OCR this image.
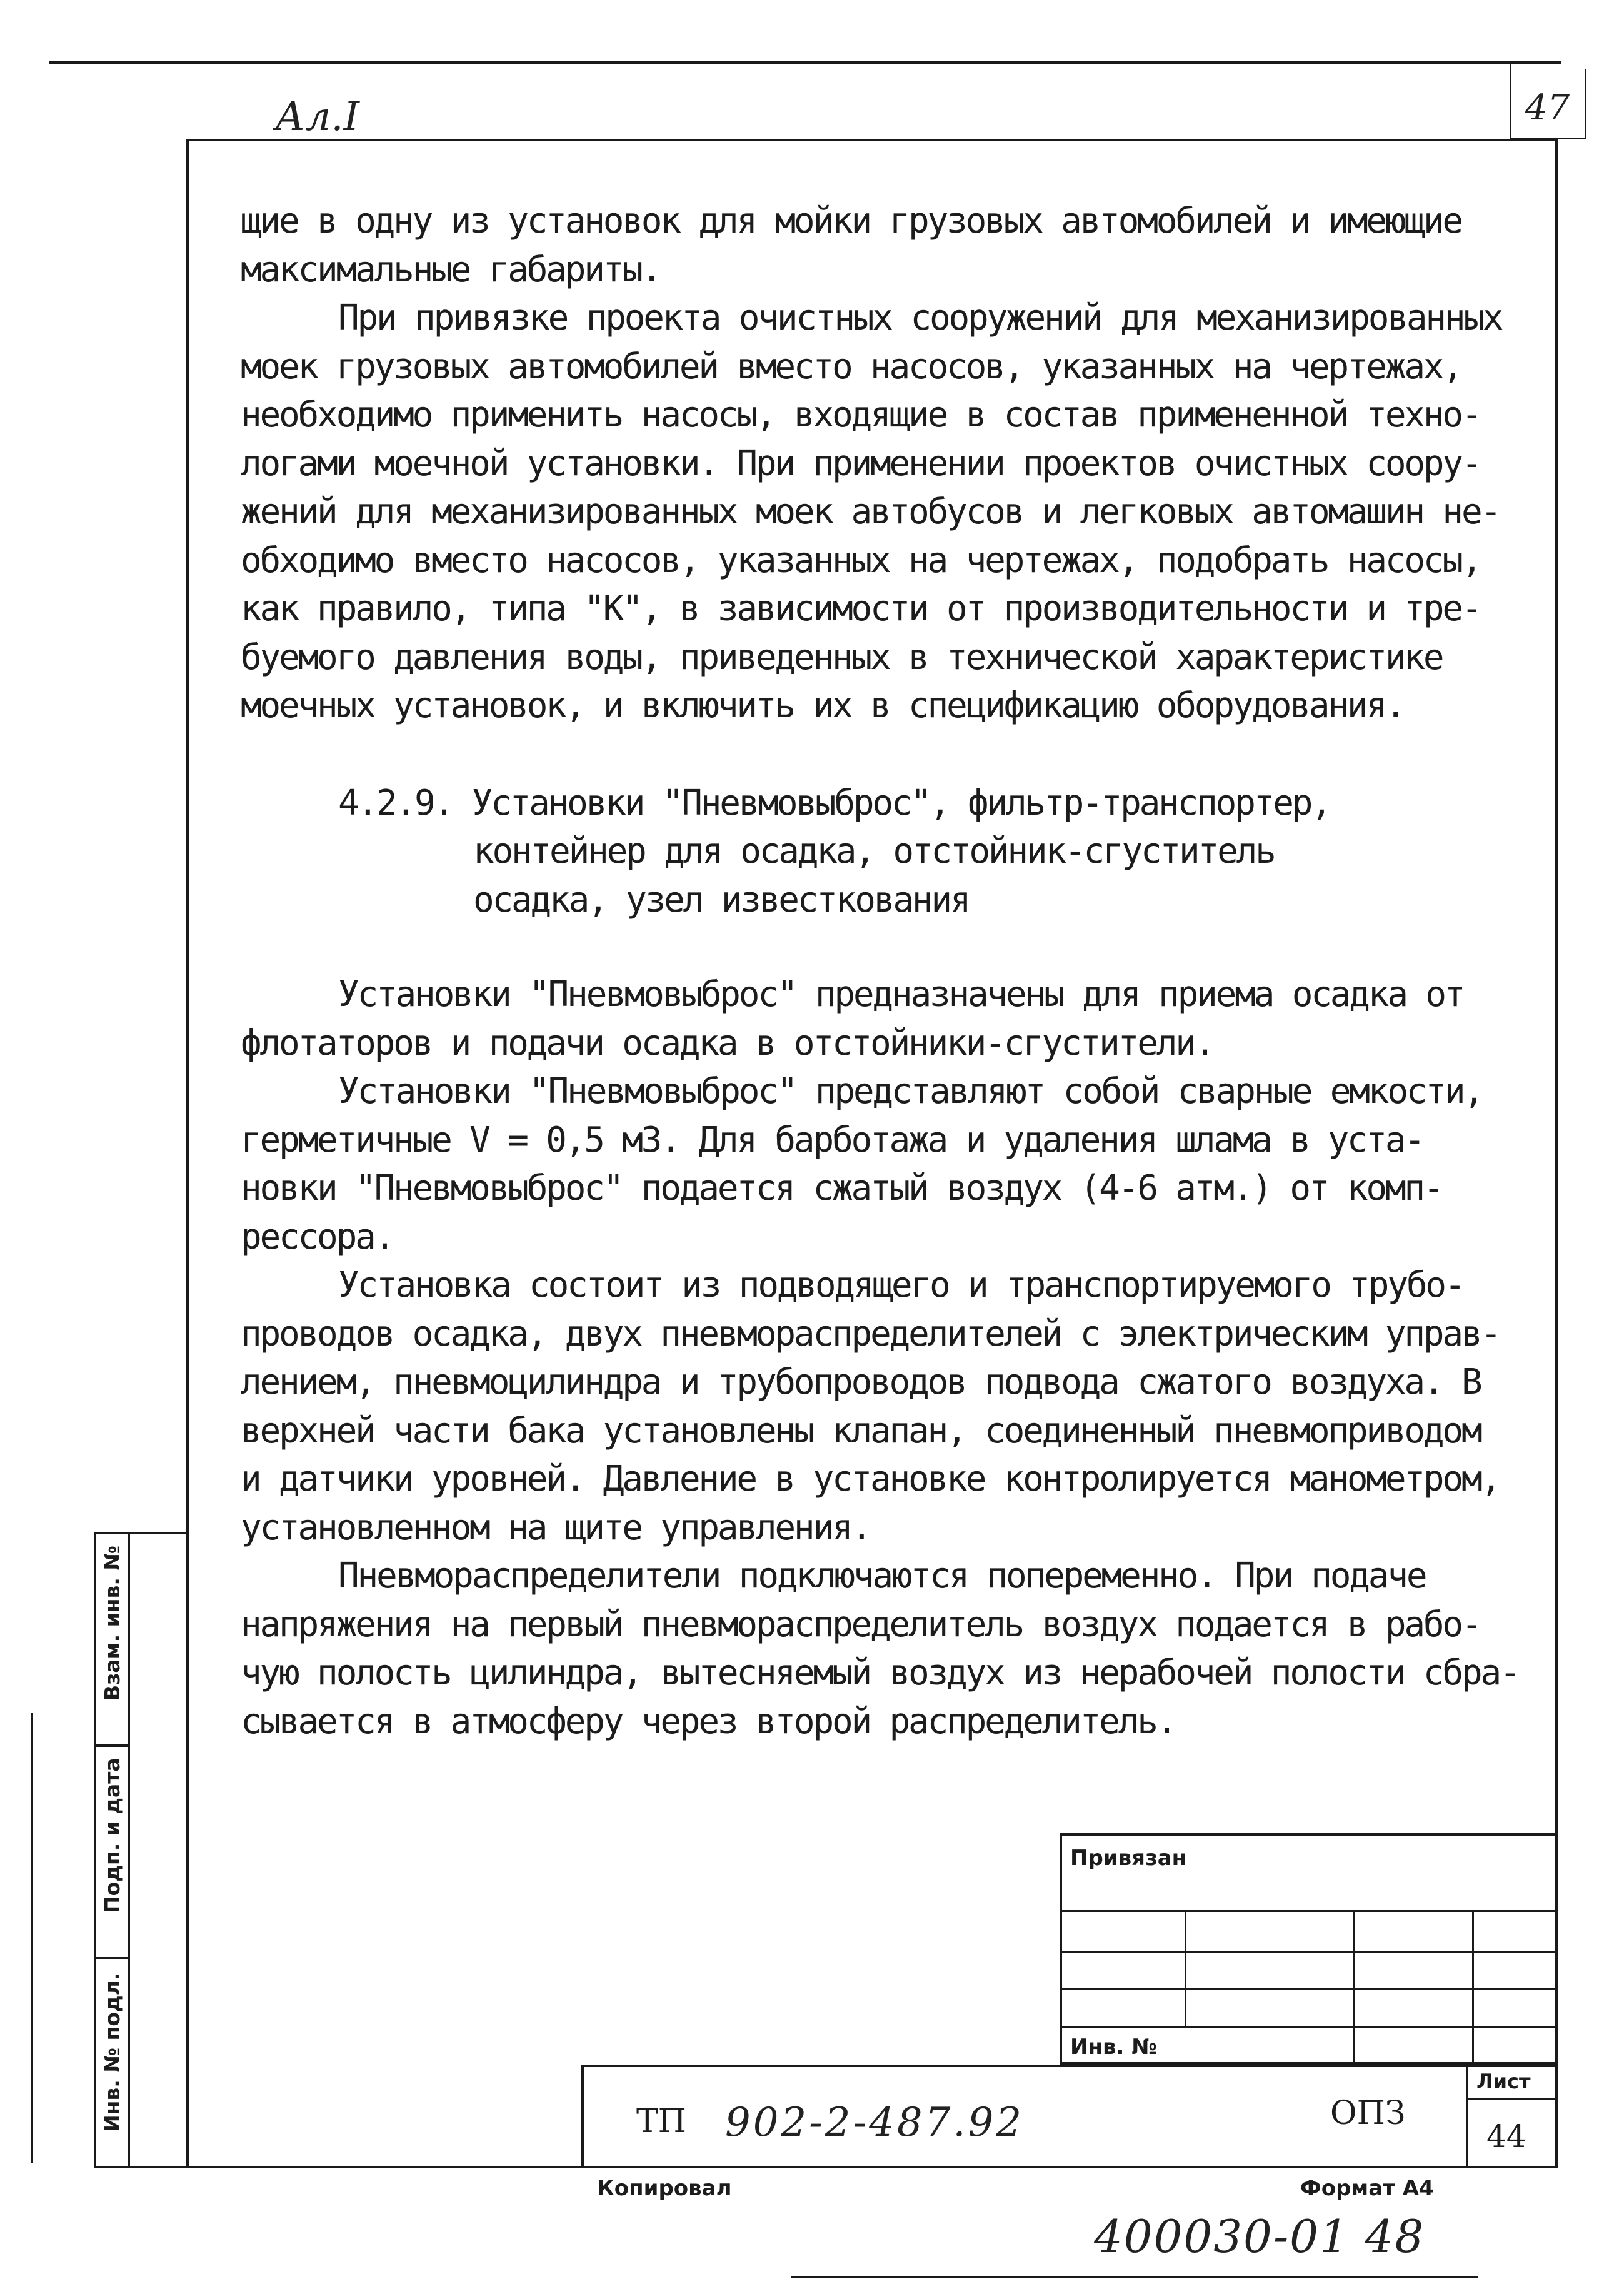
Ал.I	47

щие в одну из установок для мойки грузовых автомобилей и имеющие

максимальные габариты.

При привязке проекта очистных сооружений для механизированных

моек грузовых автомобилей вместо насосов, указанных на чертежах,

необходимо применить насосы, входящие в состав примененной техно-

логами моечной установки. При применении проектов очистных соору-

жений для механизированных моек автобусов и легковых автомашин не-

обходимо вместо насосов, указанных на чертежах, подобрать насосы,

как правило, типа "К", в зависимости от производительности и тре-

буемого давления воды, приведенных в технической характеристике

моечных установок, и включить их в спецификацию оборудования.

4.2.9. Установки "Пневмовыброс", фильтр-транспортер,

контейнер для осадка, отстойник-сгуститель

осадка, узел известкования

Установки "Пневмовыброс" предназначены для приема осадка от

флотаторов и подачи осадка в отстойники-сгустители.

Установки "Пневмовыброс" представляют собой сварные емкости,

герметичные V = 0,5 м3. Для барботажа и удаления шлама в уста-

новки "Пневмовыброс" подается сжатый воздух (4-6 атм.) от комп-

рессора.

Установка состоит из подводящего и транспортируемого трубо-

проводов осадка, двух пневмораспределителей с электрическим управ-

лением, пневмоцилиндра и трубопроводов подвода сжатого воздуха. В

верхней части бака установлены клапан, соединенный пневмоприводом

и датчики уровней. Давление в установке контролируется манометром,

установленном на щите управления.

Пневмораспределители подключаются попеременно. При подаче

напряжения на первый пневмораспределитель воздух подается в рабо-

чую полость цилиндра, вытесняемый воздух из нерабочей полости сбра-

сывается в атмосферу через второй распределитель.

Взам. инв. №
Подп. и дата
Инв. № подл.
Привязан
Инв. №
ТП 902-2-487.92	ОПЗ
Лист
44
Копировал	Формат А4
400030-01 48
